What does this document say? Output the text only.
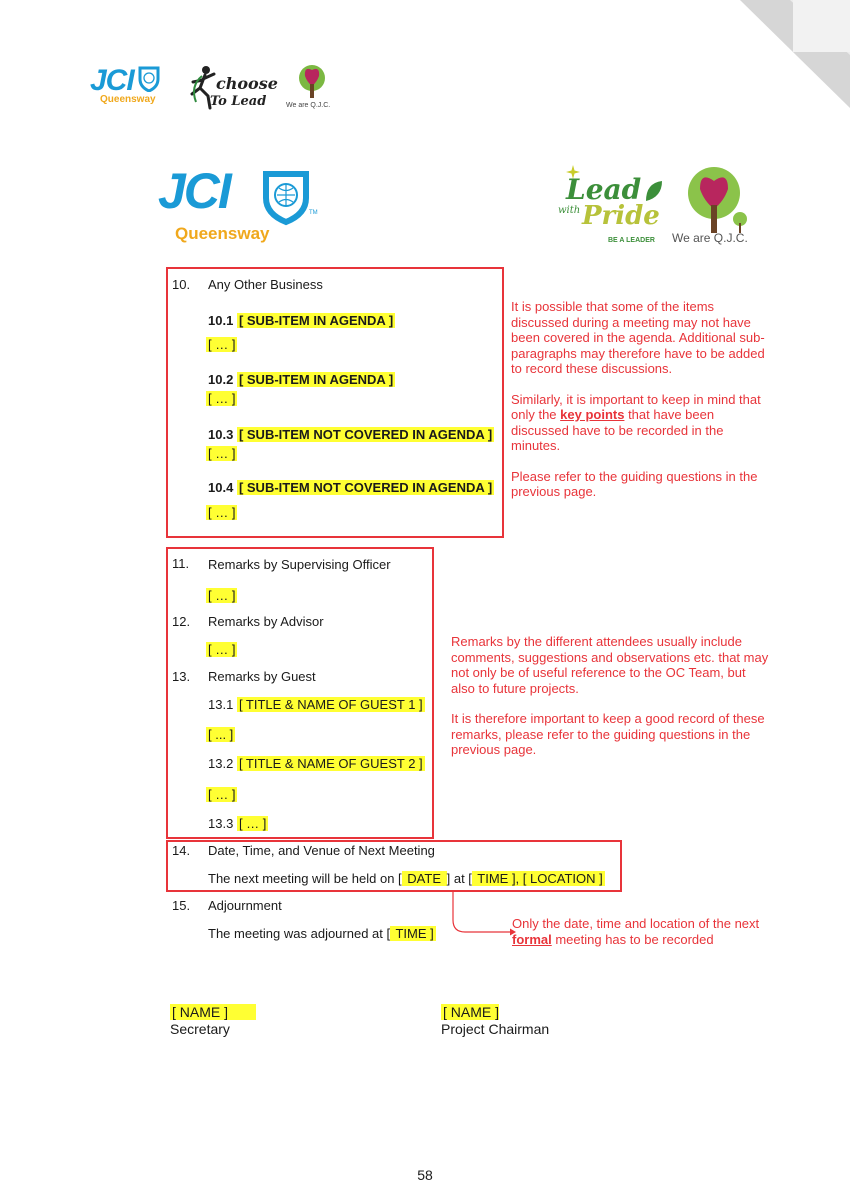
JCI
Queensway
choose
To Lead	We are Q.J.C.
JCI	TM
Queensway
Lead
with Pride
BE A LEADER We are Q.J.C.
10.	Any Other Business
10.1 [ SUB-ITEM IN AGENDA ]
[ … ]
10.2 [ SUB-ITEM IN AGENDA ]
[ … ]
10.3 [ SUB-ITEM NOT COVERED IN AGENDA ]
[ … ]
10.4 [ SUB-ITEM NOT COVERED IN AGENDA ]
[ … ]

It is possible that some of the items discussed during a meeting may not have been covered in the agenda. Additional sub-paragraphs may therefore have to be added to record these discussions.

Similarly, it is important to keep in mind that only the key points that have been discussed have to be recorded in the minutes.

Please refer to the guiding questions in the previous page.

11.	Remarks by Supervising Officer
[ … ]
12.	Remarks by Advisor
[ … ]
13.	Remarks by Guest
13.1 [ TITLE & NAME OF GUEST 1 ]
[ ... ]
13.2 [ TITLE & NAME OF GUEST 2 ]
[ … ]
13.3 [ … ]

Remarks by the different attendees usually include comments, suggestions and observations etc. that may not only be of useful reference to the OC Team, but also to future projects.

It is therefore important to keep a good record of these remarks, please refer to the guiding questions in the previous page.

14.	Date, Time, and Venue of Next Meeting
The next meeting will be held on [ DATE ] at [ TIME ], [ LOCATION ]
15.	Adjournment
The meeting was adjourned at [ TIME ]
Only the date, time and location of the next formal meeting has to be recorded
[ NAME ]
Secretary
[ NAME ]
Project Chairman
58
